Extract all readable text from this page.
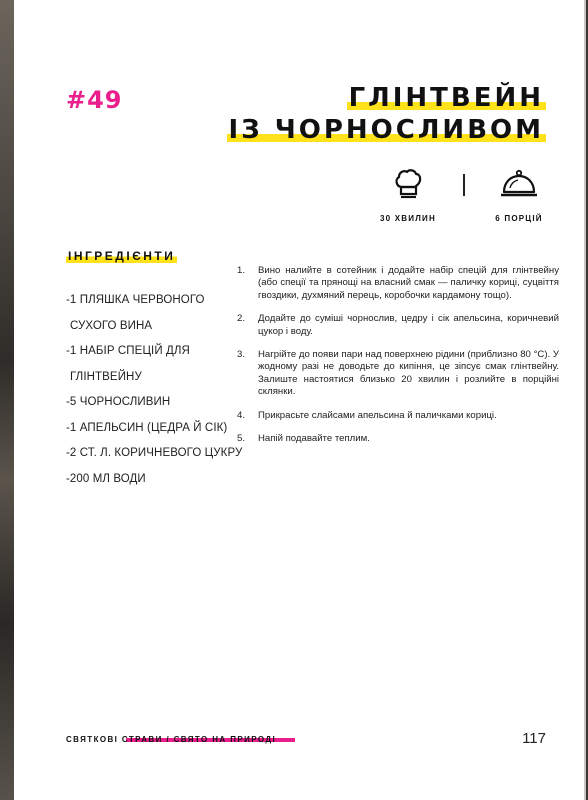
#49	ГЛІНТВЕЙН
ІЗ ЧОРНОСЛИВОМ
30 ХВИЛИН	6 ПОРЦІЙ
ІНГРЕДІЄНТИ
-1 ПЛЯШКА ЧЕРВОНОГО
СУХОГО ВИНА
-1 НАБІР СПЕЦІЙ ДЛЯ
ГЛІНТВЕЙНУ
-5 ЧОРНОСЛИВИН
-1 АПЕЛЬСИН (ЦЕДРА Й СІК)
-2 СТ. Л. КОРИЧНЕВОГО ЦУКРУ
-200 МЛ ВОДИ
1.	Вино налийте в сотейник і додайте набір спецій для глінтвейну (або спеції та прянощі на власний смак — паличку кориці, суцвіття гвоздики, духмяний перець, коробочки кардамону тощо).
2.	Додайте до суміші чорнослив, цедру і сік апельсина, коричневий цукор і воду.
3.	Нагрійте до появи пари над поверхнею рідини (приблизно 80 °С). У жодному разі не доводьте до кипіння, це зіпсує смак глінтвейну. Залиште настоятися близько 20 хвилин і розлийте в порційні склянки.
4.	Прикрасьте слайсами апельсина й паличками кориці.
5.	Напій подавайте теплим.
СВЯТКОВІ СТРАВИ / СВЯТО НА ПРИРОДІ	117
